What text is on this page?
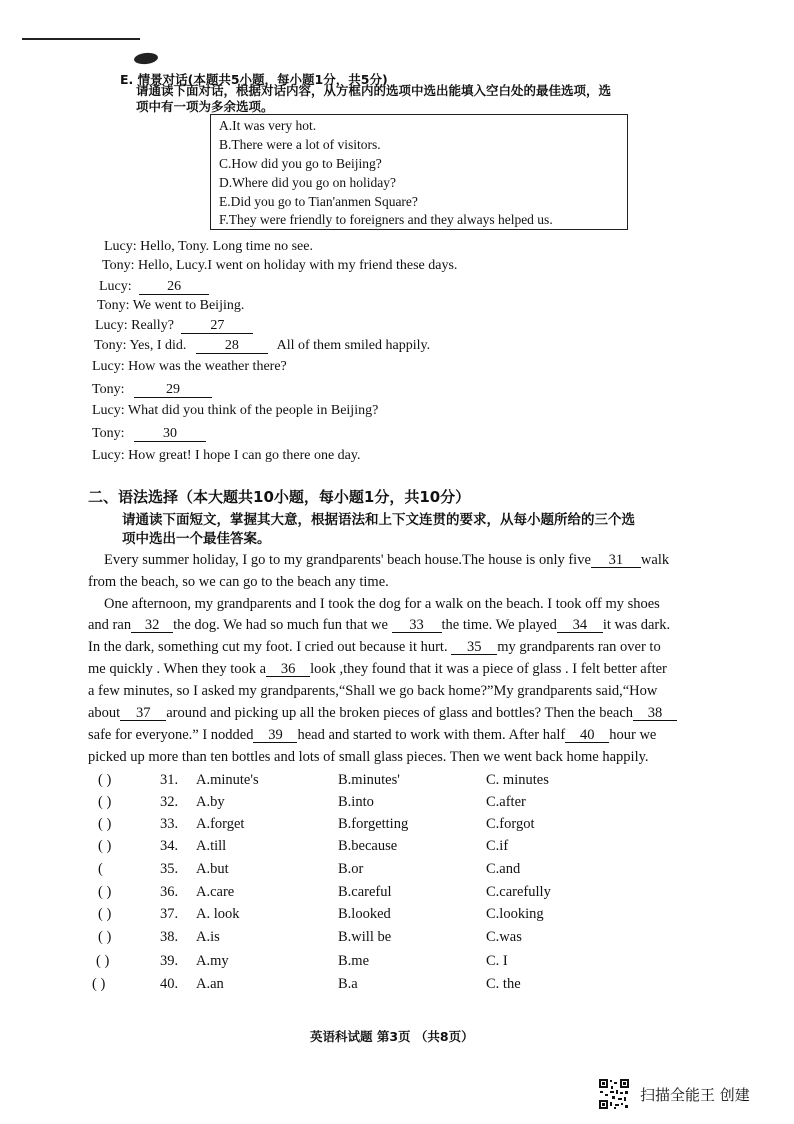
E. 情景对话(本题共5小题，每小题1分，共5分)
请通读下面对话，根据对话内容，从方框内的选项中选出能填入空白处的最佳选项，选
项中有一项为多余选项。
A.It was very hot.
B.There were a lot of visitors.
C.How did you go to Beijing?
D.Where did you go on holiday?
E.Did you go to Tian'anmen Square?
F.They were friendly to foreigners and they always helped us.
Lucy: Hello, Tony. Long time no see.
Tony: Hello, Lucy.I went on holiday with my friend these days.
Lucy:	26
Tony: We went to Beijing.
Lucy: Really?	27
Tony: Yes, I did.	28	All of them smiled happily.
Lucy: How was the weather there?
Tony:	29
Lucy: What did you think of the people in Beijing?
Tony:	30
Lucy: How great! I hope I can go there one day.
二、语法选择（本大题共10小题，每小题1分，共10分）
请通读下面短文，掌握其大意，根据语法和上下文连贯的要求，从每小题所给的三个选
项中选出一个最佳答案。
Every summer holiday, I go to my grandparents' beach house.The house is only five 31 walk
from the beach, so we can go to the beach any time.
One afternoon, my grandparents and I took the dog for a walk on the beach. I took off my shoes
and ran 32 the dog. We had so much fun that we 33 the time. We played 34 it was dark.
In the dark, something cut my foot. I cried out because it hurt. 35 my grandparents ran over to
me quickly . When they took a 36 look ,they found that it was a piece of glass . I felt better after
a few minutes, so I asked my grandparents,“Shall we go back home?”My grandparents said,“How
about 37 around and picking up all the broken pieces of glass and bottles? Then the beach 38
safe for everyone.” I nodded 39 head and started to work with them. After half 40 hour we
picked up more than ten bottles and lots of small glass pieces. Then we went back home happily.
( )	31. A.minute's	B.minutes'	C. minutes
( )	32. A.by	B.into	C.after
( )	33. A.forget	B.forgetting	C.forgot
( )	34. A.till	B.because	C.if
(	35. A.but	B.or	C.and
( )	36. A.care	B.careful	C.carefully
( )	37. A. look	B.looked	C.looking
( )	38. A.is	B.will be	C.was
( )	39. A.my	B.me	C. I
( )	40. A.an	B.a	C. the
英语科试题 第3页 （共8页）
扫描全能王 创建
